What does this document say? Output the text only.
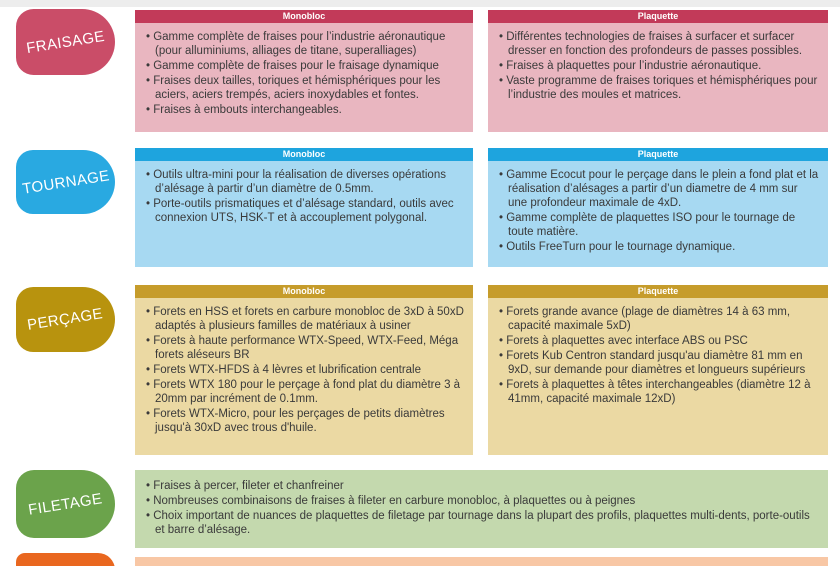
FRAISAGE
Monobloc
• Gamme complète de fraises pour l’industrie aéronautique (pour alluminiums, alliages de titane, superalliages)
• Gamme complète de fraises pour le fraisage dynamique
• Fraises deux tailles, toriques et hémisphériques pour les aciers, aciers trempés, aciers inoxydables et fontes.
• Fraises à embouts interchangeables.
Plaquette
• Différentes technologies de fraises à surfacer et surfacer dresser en fonction des profondeurs de passes possibles.
• Fraises à plaquettes pour l’industrie aéronautique.
• Vaste programme de fraises toriques et hémisphériques pour l’industrie des moules et matrices.
TOURNAGE
Monobloc
• Outils ultra-mini pour la réalisation de diverses opérations d’alésage à partir d’un diamètre de 0.5mm.
• Porte-outils prismatiques et d’alésage standard, outils avec connexion UTS, HSK-T et à accouplement polygonal.
Plaquette
• Gamme Ecocut pour le perçage dans le plein a fond plat et la réalisation d’alésages a partir d’un diametre de 4 mm sur une profondeur maximale de 4xD.
• Gamme complète de plaquettes ISO pour le tournage de toute matière.
• Outils FreeTurn pour le tournage dynamique.
PERÇAGE
Monobloc
• Forets en HSS et forets en carbure monobloc de 3xD à 50xD adaptés à plusieurs familles de matériaux à usiner
• Forets à haute performance WTX-Speed, WTX-Feed, Méga forets aléseurs BR
• Forets WTX-HFDS à 4 lèvres et lubrification centrale
• Forets WTX 180 pour le perçage à fond plat du diamètre 3 à 20mm par incrément de 0.1mm.
• Forets WTX-Micro, pour les perçages de petits diamètres jusqu'à 30xD avec trous d'huile.
Plaquette
• Forets grande avance (plage de diamètres 14 à 63 mm, capacité maximale 5xD)
• Forets à plaquettes avec interface ABS ou PSC
• Forets Kub Centron standard jusqu'au diamètre 81 mm en 9xD, sur demande pour diamètres et longueurs supérieurs
• Forets à plaquettes à têtes interchangeables (diamètre 12 à 41mm, capacité maximale 12xD)
FILETAGE
• Fraises à percer, fileter et chanfreiner
• Nombreuses combinaisons de fraises à fileter en carbure monobloc, à plaquettes ou à peignes
• Choix important de nuances de plaquettes de filetage par tournage dans la plupart des profils, plaquettes multi-dents, porte-outils et barre d’alésage.
